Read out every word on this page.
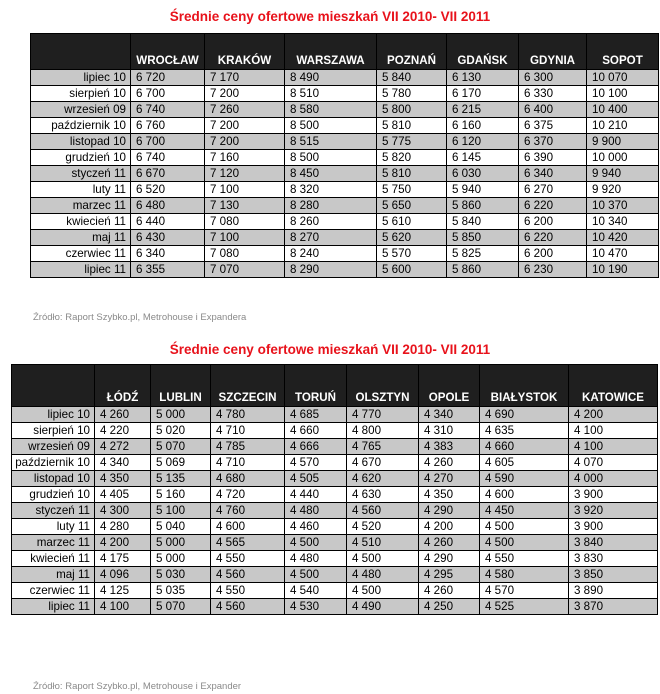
Średnie ceny ofertowe mieszkań VII 2010- VII 2011
	WROCŁAW	KRAKÓW	WARSZAWA	POZNAŃ	GDAŃSK	GDYNIA	SOPOT
lipiec 10	6 720	7 170	8 490	5 840	6 130	6 300	10 070
sierpień 10	6 700	7 200	8 510	5 780	6 170	6 330	10 100
wrzesień 09	6 740	7 260	8 580	5 800	6 215	6 400	10 400
październik 10	6 760	7 200	8 500	5 810	6 160	6 375	10 210
listopad 10	6 700	7 200	8 515	5 775	6 120	6 370	9 900
grudzień 10	6 740	7 160	8 500	5 820	6 145	6 390	10 000
styczeń 11	6 670	7 120	8 450	5 810	6 030	6 340	9 940
luty 11	6 520	7 100	8 320	5 750	5 940	6 270	9 920
marzec 11	6 480	7 130	8 280	5 650	5 860	6 220	10 370
kwiecień 11	6 440	7 080	8 260	5 610	5 840	6 200	10 340
maj 11	6 430	7 100	8 270	5 620	5 850	6 220	10 420
czerwiec 11	6 340	7 080	8 240	5 570	5 825	6 200	10 470
lipiec 11	6 355	7 070	8 290	5 600	5 860	6 230	10 190
Źródło: Raport Szybko.pl, Metrohouse i Expandera
Średnie ceny ofertowe mieszkań VII 2010- VII 2011
	ŁÓDŹ	LUBLIN	SZCZECIN	TORUŃ	OLSZTYN	OPOLE	BIAŁYSTOK	KATOWICE
lipiec 10	4 260	5 000	4 780	4 685	4 770	4 340	4 690	4 200
sierpień 10	4 220	5 020	4 710	4 660	4 800	4 310	4 635	4 100
wrzesień 09	4 272	5 070	4 785	4 666	4 765	4 383	4 660	4 100
październik 10	4 340	5 069	4 710	4 570	4 670	4 260	4 605	4 070
listopad 10	4 350	5 135	4 680	4 505	4 620	4 270	4 590	4 000
grudzień 10	4 405	5 160	4 720	4 440	4 630	4 350	4 600	3 900
styczeń 11	4 300	5 100	4 760	4 480	4 560	4 290	4 450	3 920
luty 11	4 280	5 040	4 600	4 460	4 520	4 200	4 500	3 900
marzec 11	4 200	5 000	4 565	4 500	4 510	4 260	4 500	3 840
kwiecień 11	4 175	5 000	4 550	4 480	4 500	4 290	4 550	3 830
maj 11	4 096	5 030	4 560	4 500	4 480	4 295	4 580	3 850
czerwiec 11	4 125	5 035	4 550	4 540	4 500	4 260	4 570	3 890
lipiec 11	4 100	5 070	4 560	4 530	4 490	4 250	4 525	3 870
Źródło: Raport Szybko.pl, Metrohouse i Expander
